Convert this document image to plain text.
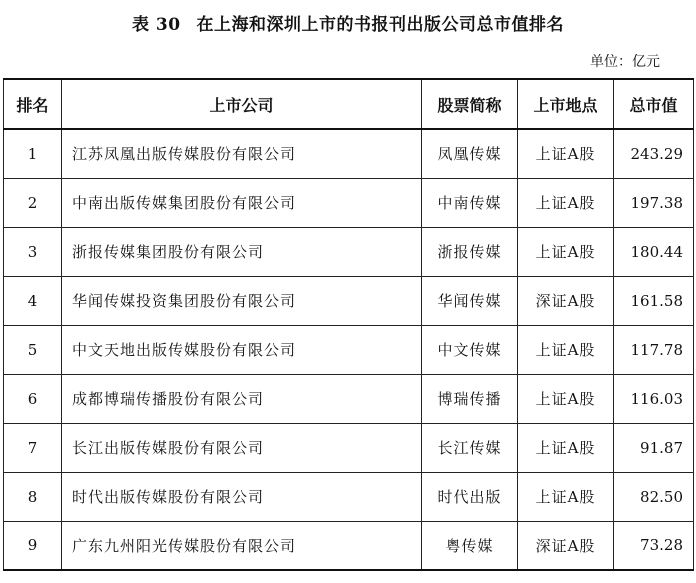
表 30 在上海和深圳上市的书报刊出版公司总市值排名
单位：亿元
排名	上市公司	股票简称	上市地点	总市值
1	江苏凤凰出版传媒股份有限公司	凤凰传媒	上证A股	243.29
2	中南出版传媒集团股份有限公司	中南传媒	上证A股	197.38
3	浙报传媒集团股份有限公司	浙报传媒	上证A股	180.44
4	华闻传媒投资集团股份有限公司	华闻传媒	深证A股	161.58
5	中文天地出版传媒股份有限公司	中文传媒	上证A股	117.78
6	成都博瑞传播股份有限公司	博瑞传播	上证A股	116.03
7	长江出版传媒股份有限公司	长江传媒	上证A股	91.87
8	时代出版传媒股份有限公司	时代出版	上证A股	82.50
9	广东九州阳光传媒股份有限公司	粤传媒	深证A股	73.28
